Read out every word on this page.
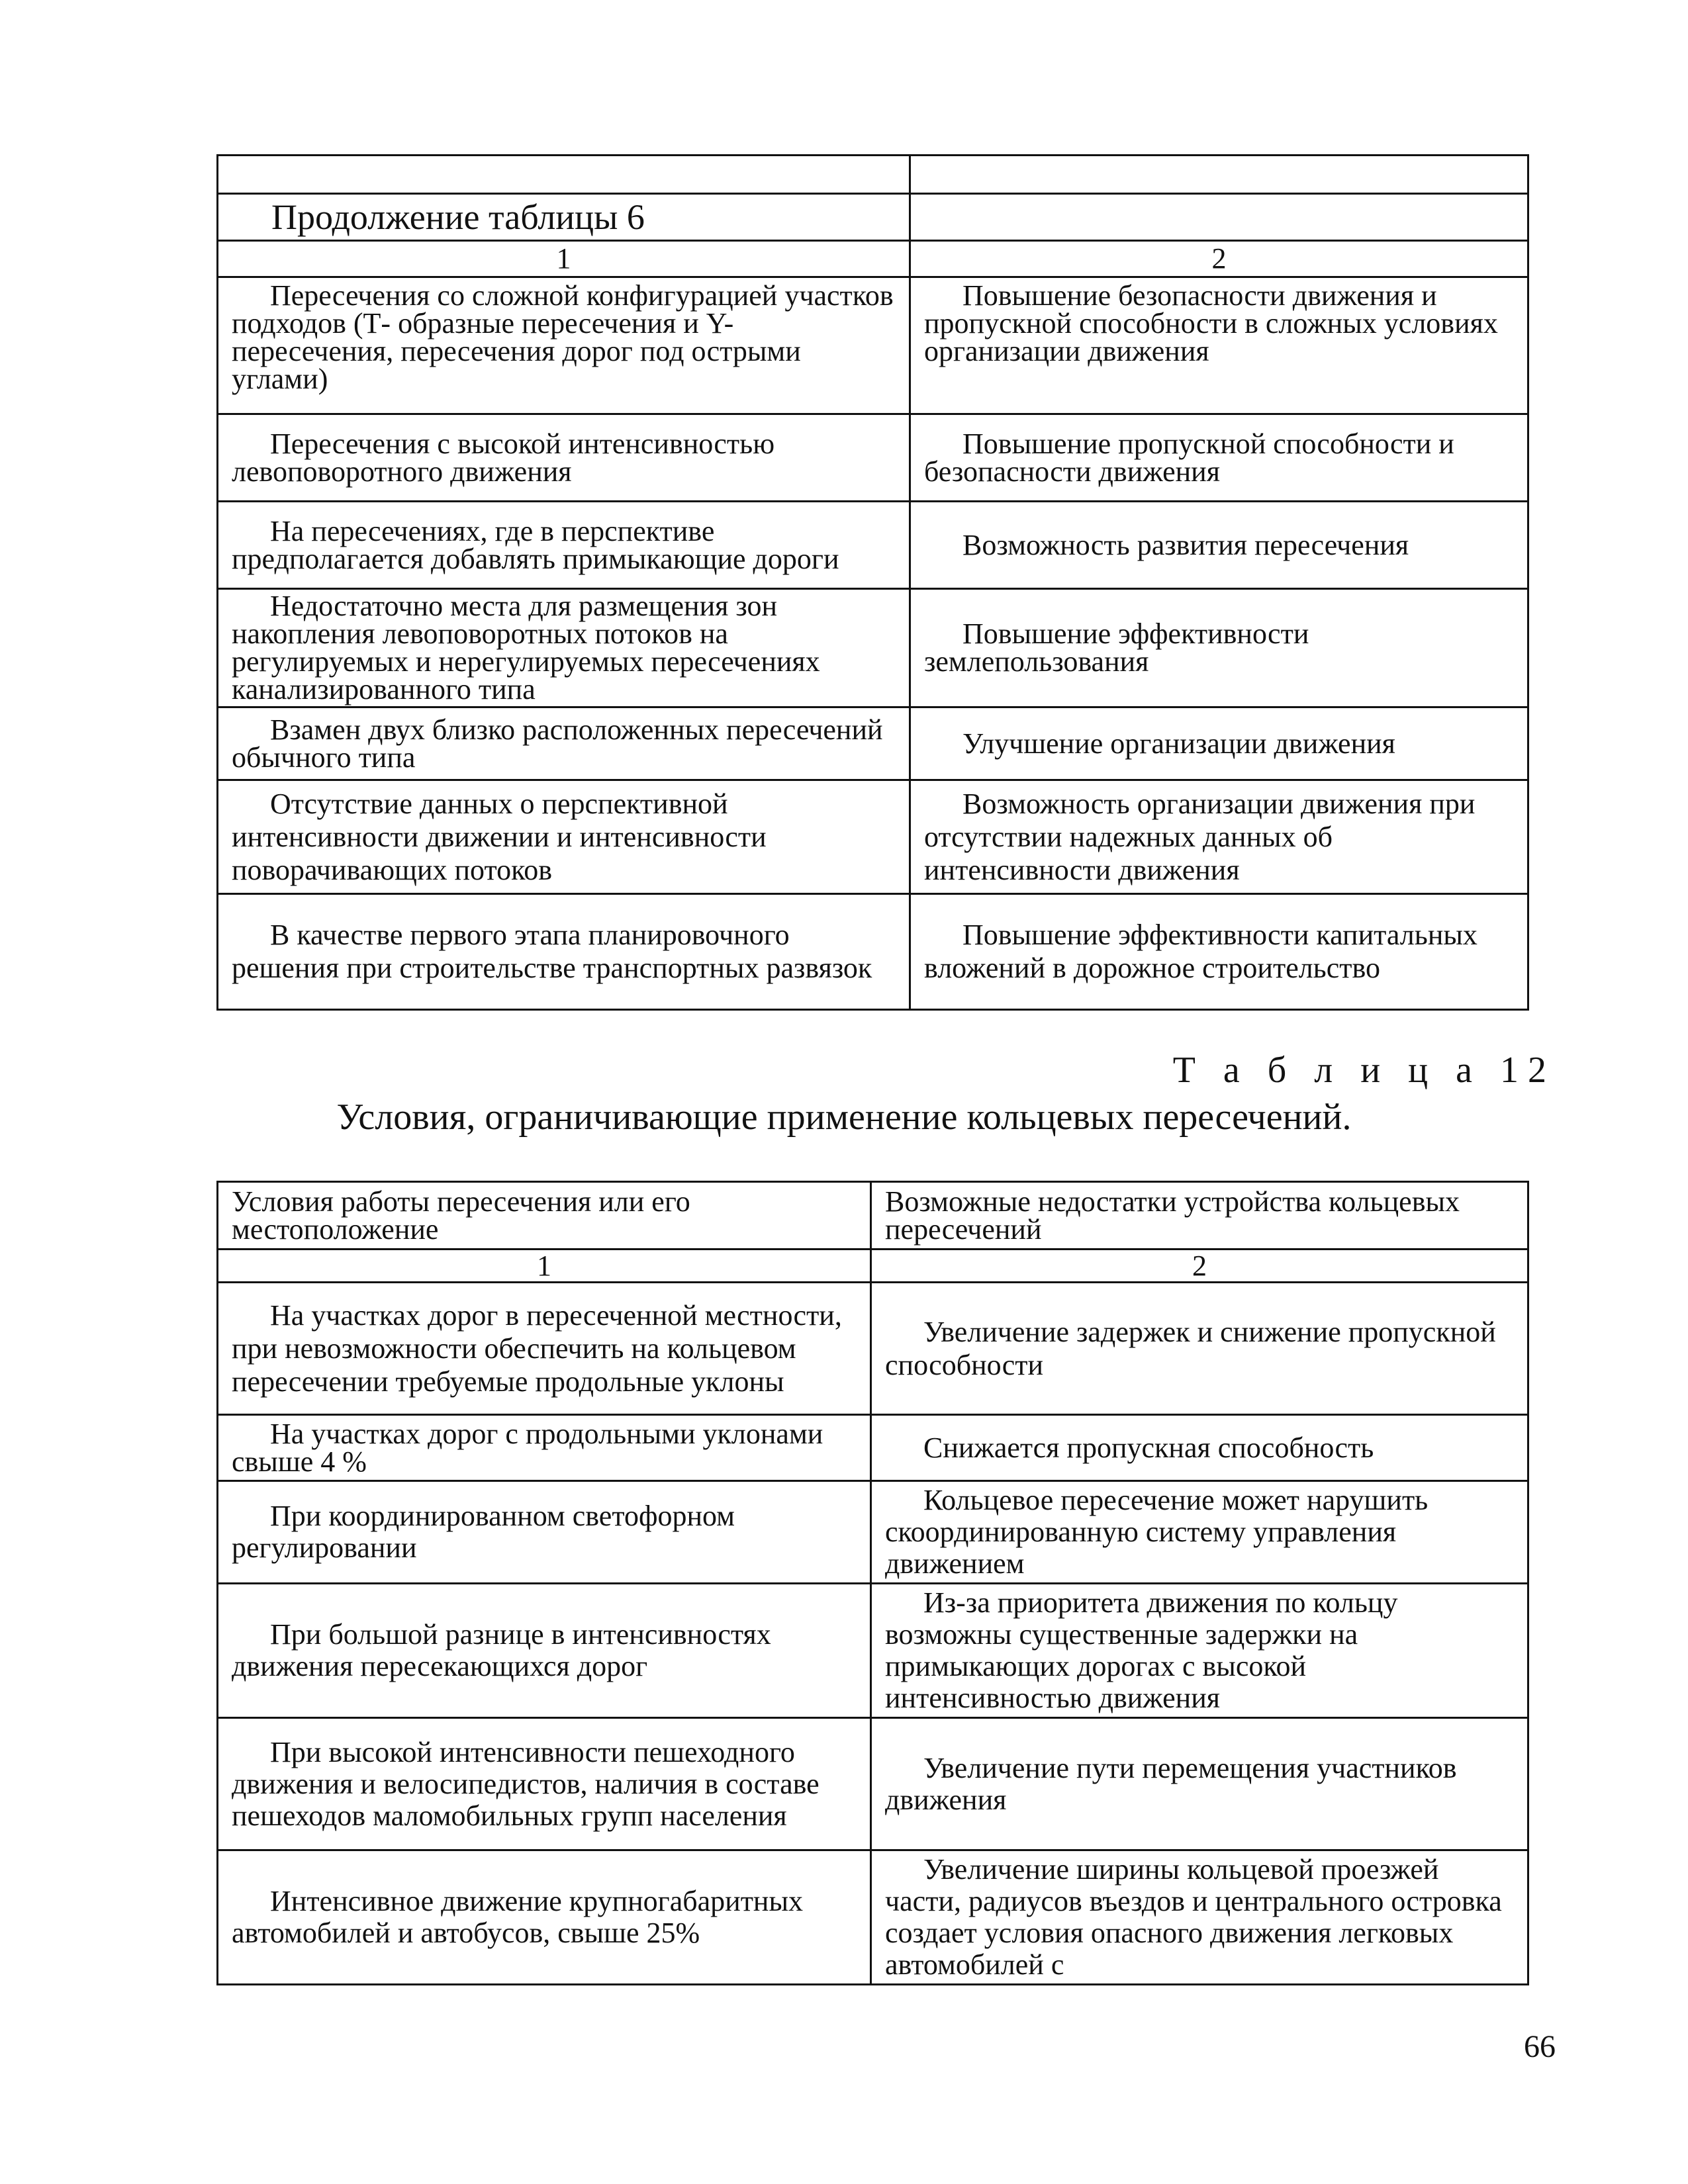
Продолжение таблицы 6	
1	2
Пересечения со сложной конфигурацией участков подходов (Т- образные пересечения и Y- пересечения, пересечения дорог под острыми углами)	Повышение безопасности движения и пропускной способности в сложных условиях организации движения
Пересечения с высокой интенсивностью левоповоротного движения	Повышение пропускной способности и безопасности движения
На пересечениях, где в перспективе предполагается добавлять примыкающие дороги	Возможность развития пересечения
Недостаточно места для размещения зон накопления левоповоротных потоков на регулируемых и нерегулируемых пересечениях канализированного типа	Повышение эффективности землепользования
Взамен двух близко расположенных пересечений обычного типа	Улучшение организации движения
Отсутствие данных о перспективной интенсивности движении и интенсивности поворачивающих потоков	Возможность организации движения при отсутствии надежных данных об интенсивности движения
В качестве первого этапа планировочного решения при строительстве транспортных развязок	Повышение эффективности капитальных вложений в дорожное строительство
Т а б л и ц а 12
Условия, ограничивающие применение кольцевых пересечений.
Условия работы пересечения или его местоположение	Возможные недостатки устройства кольцевых пересечений
1	2
На участках дорог в пересеченной местности, при невозможности обеспечить на кольцевом пересечении требуемые продольные уклоны	Увеличение задержек и снижение пропускной способности
На участках дорог с продольными уклонами свыше 4 %	Снижается пропускная способность
При координированном светофорном регулировании	Кольцевое пересечение может нарушить скоординированную систему управления движением
При большой разнице в интенсивностях движения пересекающихся дорог	Из-за приоритета движения по кольцу возможны существенные задержки на примыкающих дорогах с высокой интенсивностью движения
При высокой интенсивности пешеходного движения и велосипедистов, наличия в составе пешеходов маломобильных групп населения	Увеличение пути перемещения участников движения
Интенсивное движение крупногабаритных автомобилей и автобусов, свыше 25%	Увеличение ширины кольцевой проезжей части, радиусов въездов и центрального островка создает условия опасного движения легковых автомобилей с
66
